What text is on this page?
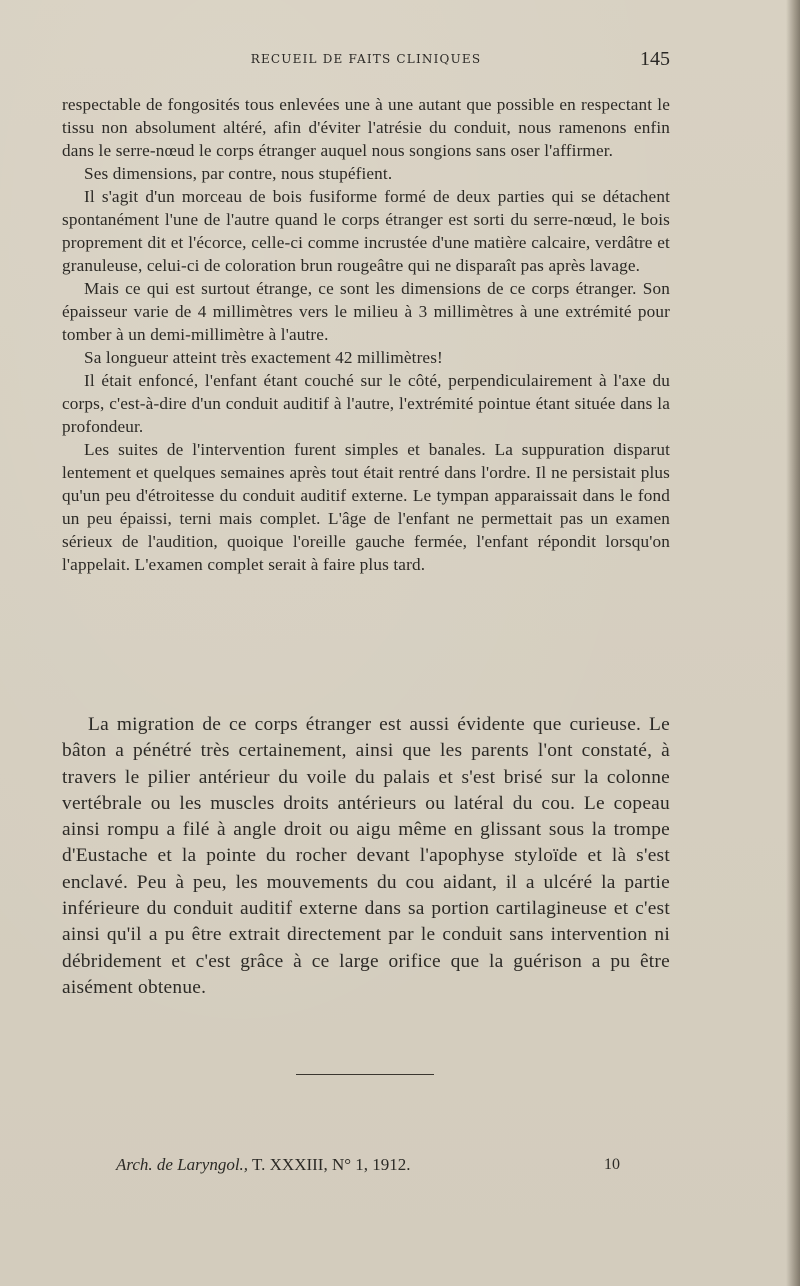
RECUEIL DE FAITS CLINIQUES	145

respectable de fongosités tous enlevées une à une autant que possible en respectant le tissu non absolument altéré, afin d'éviter l'atrésie du conduit, nous ramenons enfin dans le serre-nœud le corps étranger auquel nous songions sans oser l'affirmer.

Ses dimensions, par contre, nous stupéfient.

Il s'agit d'un morceau de bois fusiforme formé de deux parties qui se détachent spontanément l'une de l'autre quand le corps étranger est sorti du serre-nœud, le bois proprement dit et l'écorce, celle-ci comme incrustée d'une matière calcaire, verdâtre et granuleuse, celui-ci de coloration brun rougeâtre qui ne disparaît pas après lavage.

Mais ce qui est surtout étrange, ce sont les dimensions de ce corps étranger. Son épaisseur varie de 4 millimètres vers le milieu à 3 millimètres à une extrémité pour tomber à un demi-millimètre à l'autre.

Sa longueur atteint très exactement 42 millimètres!

Il était enfoncé, l'enfant étant couché sur le côté, perpendiculairement à l'axe du corps, c'est-à-dire d'un conduit auditif à l'autre, l'extrémité pointue étant située dans la profondeur.

Les suites de l'intervention furent simples et banales. La suppuration disparut lentement et quelques semaines après tout était rentré dans l'ordre. Il ne persistait plus qu'un peu d'étroitesse du conduit auditif externe. Le tympan apparaissait dans le fond un peu épaissi, terni mais complet. L'âge de l'enfant ne permettait pas un examen sérieux de l'audition, quoique l'oreille gauche fermée, l'enfant répondit lorsqu'on l'appelait. L'examen complet serait à faire plus tard.

La migration de ce corps étranger est aussi évidente que curieuse. Le bâton a pénétré très certainement, ainsi que les parents l'ont constaté, à travers le pilier antérieur du voile du palais et s'est brisé sur la colonne vertébrale ou les muscles droits antérieurs ou latéral du cou. Le copeau ainsi rompu a filé à angle droit ou aigu même en glissant sous la trompe d'Eustache et la pointe du rocher devant l'apophyse styloïde et là s'est enclavé. Peu à peu, les mouvements du cou aidant, il a ulcéré la partie inférieure du conduit auditif externe dans sa portion cartilagineuse et c'est ainsi qu'il a pu être extrait directement par le conduit sans intervention ni débridement et c'est grâce à ce large orifice que la guérison a pu être aisément obtenue.

Arch. de Laryngol., T. XXXIII, N° 1, 1912.	10
